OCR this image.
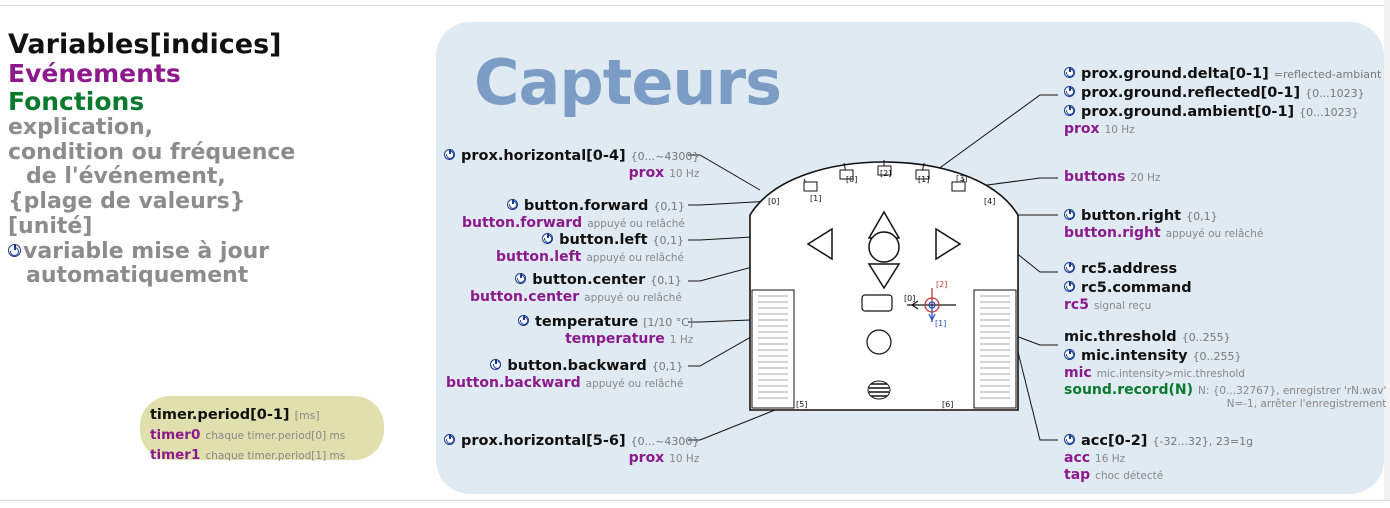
Variables[indices]
Evénements
Fonctions
explication,
condition ou fréquence
de l'événement,
{plage de valeurs}
[unité]
variable mise à jour
automatiquement
timer.period[0-1] [ms]
timer0 chaque timer.period[0] ms
timer1 chaque timer.period[1] ms
Capteurs
[1]
[0]
[2]
[1]	[3]
[0]	[4]
[5]	[6]
[0]
[2]
[1]
prox.horizontal[0-4] {0...~4300}
prox 10 Hz
button.forward {0,1}
button.forward appuyé ou relâché
button.left {0,1}
button.left appuyé ou relâché
button.center {0,1}
button.center appuyé ou relâché
temperature [1/10 °C]
temperature 1 Hz
button.backward {0,1}
button.backward appuyé ou relâché
prox.horizontal[5-6] {0...~4300}
prox 10 Hz
prox.ground.delta[0-1] =reflected-ambiant
prox.ground.reflected[0-1] {0...1023}
prox.ground.ambient[0-1] {0...1023}
prox 10 Hz
buttons 20 Hz
button.right {0,1}
button.right appuyé ou relâché
rc5.address
rc5.command
rc5 signal reçu
mic.threshold {0..255}
mic.intensity {0..255}
mic mic.intensity>mic.threshold
sound.record(N) N: {0...32767}, enregistrer 'rN.wav'
N=-1, arrêter l'enregistrement
acc[0-2] {-32...32}, 23=1g
acc 16 Hz
tap choc détecté
